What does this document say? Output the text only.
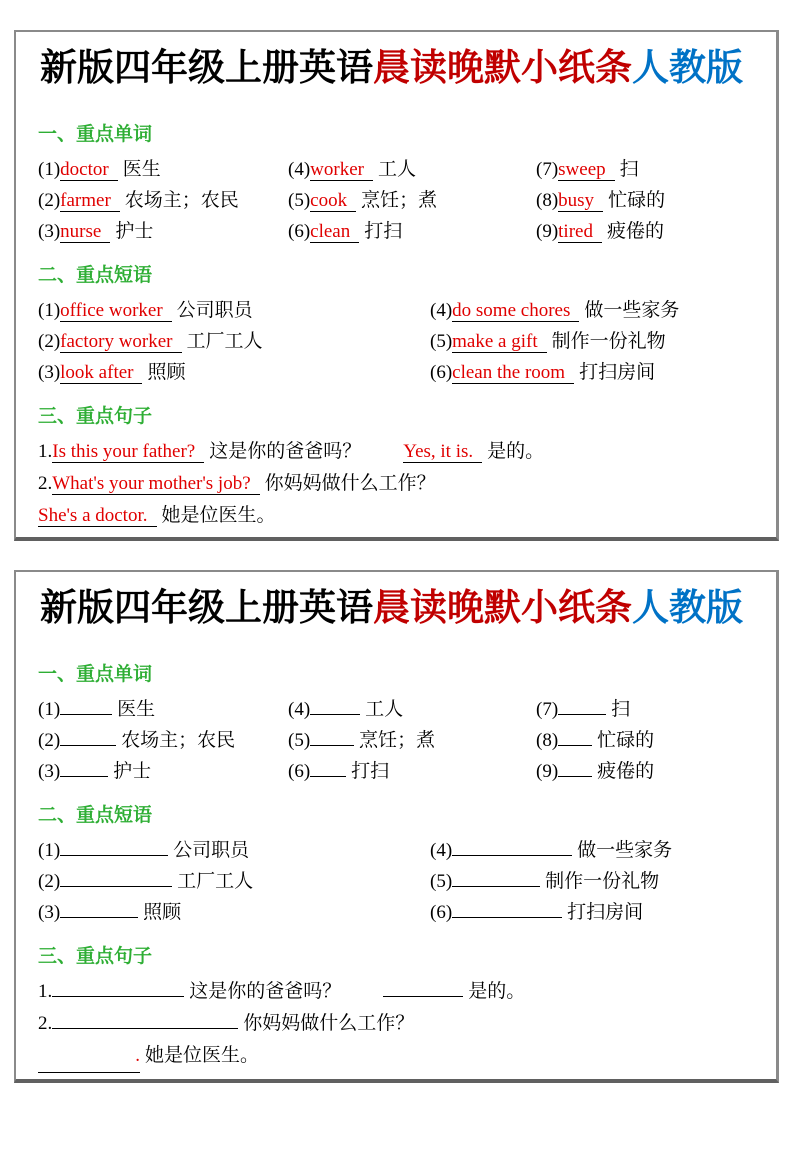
新版四年级上册英语晨读晚默小纸条人教版
一、重点单词
(1)doctor 医生	(4)worker 工人	(7)sweep 扫
(2)farmer 农场主；农民	(5)cook 烹饪；煮	(8)busy 忙碌的
(3)nurse 护士	(6)clean 打扫	(9)tired 疲倦的
二、重点短语
(1)office worker 公司职员	(4)do some chores 做一些家务
(2)factory worker 工厂工人	(5)make a gift 制作一份礼物
(3)look after 照顾	(6)clean the room 打扫房间
三、重点句子
1.Is this your father? 这是你的爸爸吗？ Yes, it is. 是的。
2.What's your mother's job? 你妈妈做什么工作？
She's a doctor. 她是位医生。
新版四年级上册英语晨读晚默小纸条人教版
一、重点单词
(1)	医生	(4)	工人	(7)	扫
(2)	农场主；农民	(5)	烹饪；煮	(8) 忙碌的
(3)	护士	(6) 打扫	(9) 疲倦的
二、重点短语
(1)	公司职员	(4)	做一些家务
(2)	工厂工人	(5)	制作一份礼物
(3)	照顾	(6)	打扫房间
三、重点句子
1.	这是你的爸爸吗？	是的。
2.	你妈妈做什么工作？
. 她是位医生。
